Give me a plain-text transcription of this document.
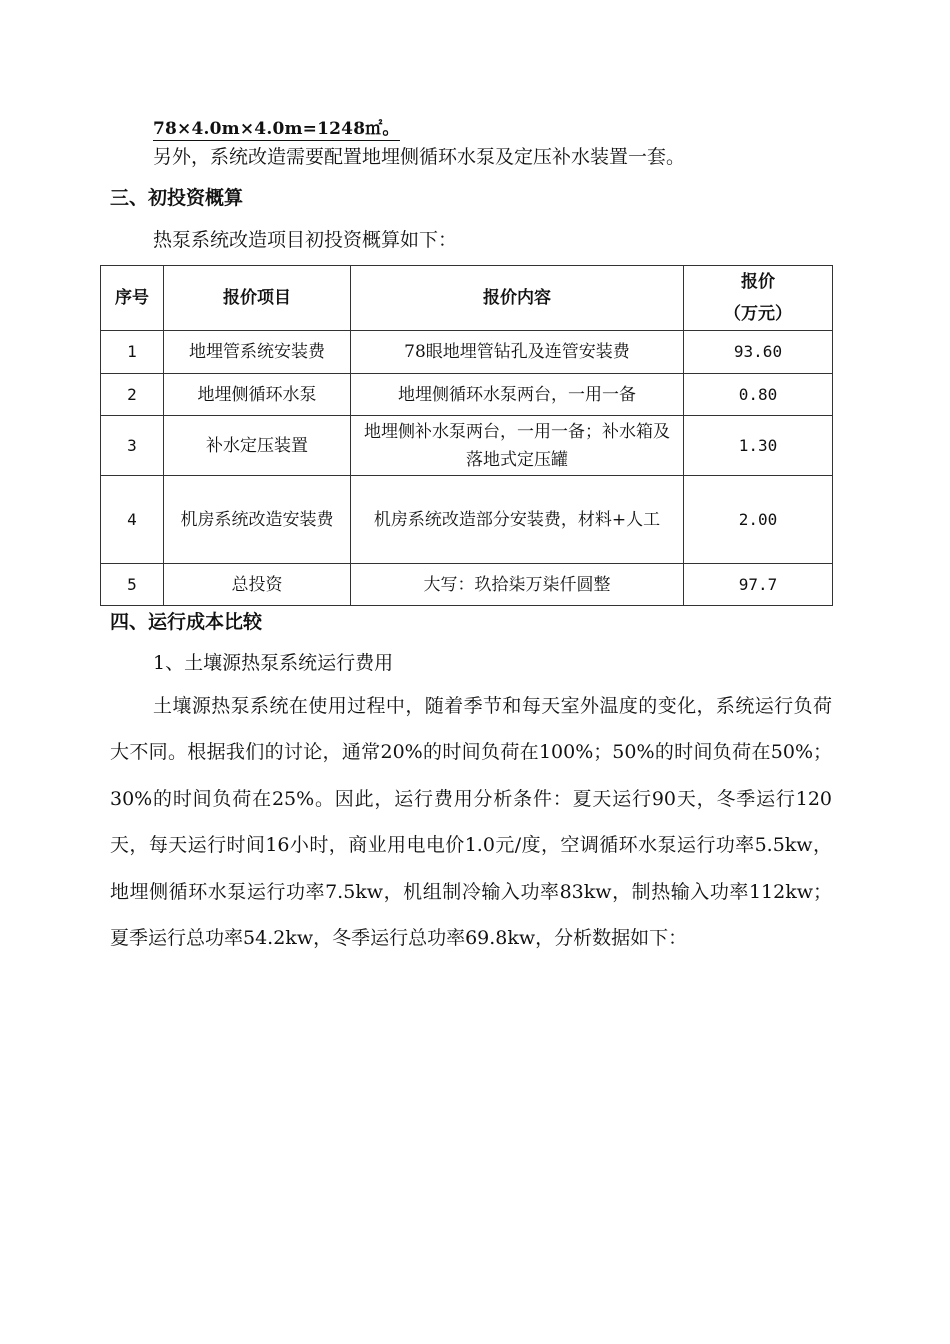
78×4.0m×4.0m=1248㎡。
另外，系统改造需要配置地埋侧循环水泵及定压补水装置一套。
三、初投资概算
热泵系统改造项目初投资概算如下：
序号	报价项目	报价内容	报价
（万元）

1	地埋管系统安装费	78眼地埋管钻孔及连管安装费	93.60
2	地埋侧循环水泵	地埋侧循环水泵两台，一用一备	0.80
3	补水定压装置	地埋侧补水泵两台，一用一备；补水箱及落地式定压罐	1.30
4	机房系统改造安装费	机房系统改造部分安装费，材料+人工	2.00
5	总投资	大写：玖拾柒万柒仟圆整	97.7
四、运行成本比较
1、土壤源热泵系统运行费用
土壤源热泵系统在使用过程中，随着季节和每天室外温度的变化，系统运行负荷大不同。根据我们的讨论，通常20%的时间负荷在100%；50%的时间负荷在50%；30%的时间负荷在25%。因此，运行费用分析条件：夏天运行90天，冬季运行120天，每天运行时间16小时，商业用电电价1.0元/度，空调循环水泵运行功率5.5kw，地埋侧循环水泵运行功率7.5kw，机组制冷输入功率83kw，制热输入功率112kw；夏季运行总功率54.2kw，冬季运行总功率69.8kw，分析数据如下：
